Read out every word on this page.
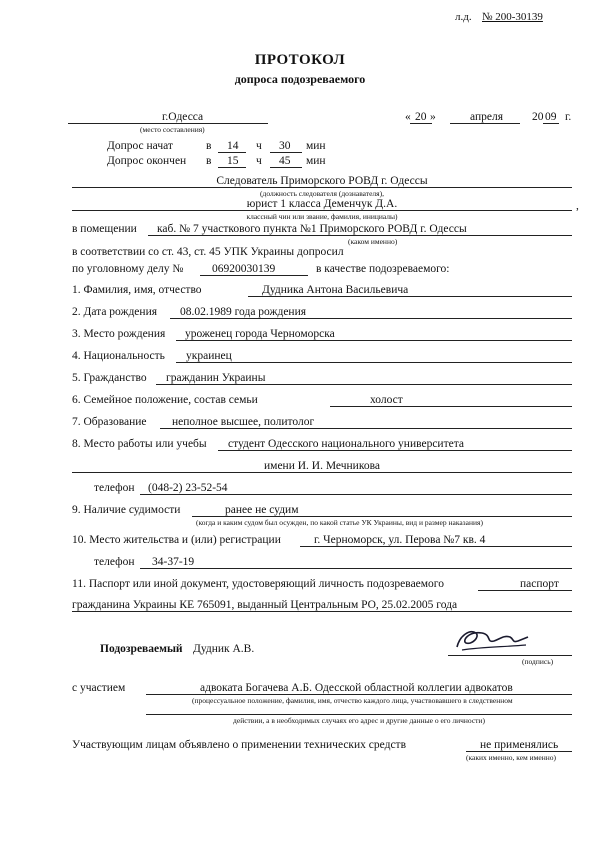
л.д. № 200-30139
ПРОТОКОЛ
допроса подозреваемого
г.Одесса
(место составления)
« 20 »	апреля	20 09 г.
Допрос начат	в 14 ч 30 мин
Допрос окончен в 15 ч 45 мин
Следователь Приморского РОВД г. Одессы
(должность следователя (дознавателя),
юрист 1 класса Деменчук Д.А.	,
классный чин или звание, фамилия, инициалы)
в помещении каб. № 7 участкового пункта №1 Приморского РОВД г. Одессы
(каком именно)
в соответствии со ст. 43, ст. 45 УПК Украины допросил
по уголовному делу № 06920030139	в качестве подозреваемого:
1. Фамилия, имя, отчество	Дудника Антона Васильевича
2. Дата рождения 08.02.1989 года рождения
3. Место рождения уроженец города Черноморска
4. Национальность украинец
5. Гражданство гражданин Украины
6. Семейное положение, состав семьи	холост
7. Образование неполное высшее, политолог
8. Место работы или учебы студент Одесского национального университета
имени И. И. Мечникова
телефон (048-2) 23-52-54
9. Наличие судимости	ранее не судим
(когда и каким судом был осужден, по какой статье УК Украины, вид и размер наказания)
10. Место жительства и (или) регистрации	г. Черноморск, ул. Перова №7 кв. 4
телефон 34-37-19
11. Паспорт или иной документ, удостоверяющий личность подозреваемого	паспорт
гражданина Украины КЕ 765091, выданный Центральным РО, 25.02.2005 года
Подозреваемый Дудник А.В.
(подпись)
с участием	адвоката Богачева А.Б. Одесской областной коллегии адвокатов
(процессуальное положение, фамилия, имя, отчество каждого лица, участвовавшего в следственном
действии, а в необходимых случаях его адрес и другие данные о его личности)
Участвующим лицам объявлено о применении технических средств	не применялись
(каких именно, кем именно)
